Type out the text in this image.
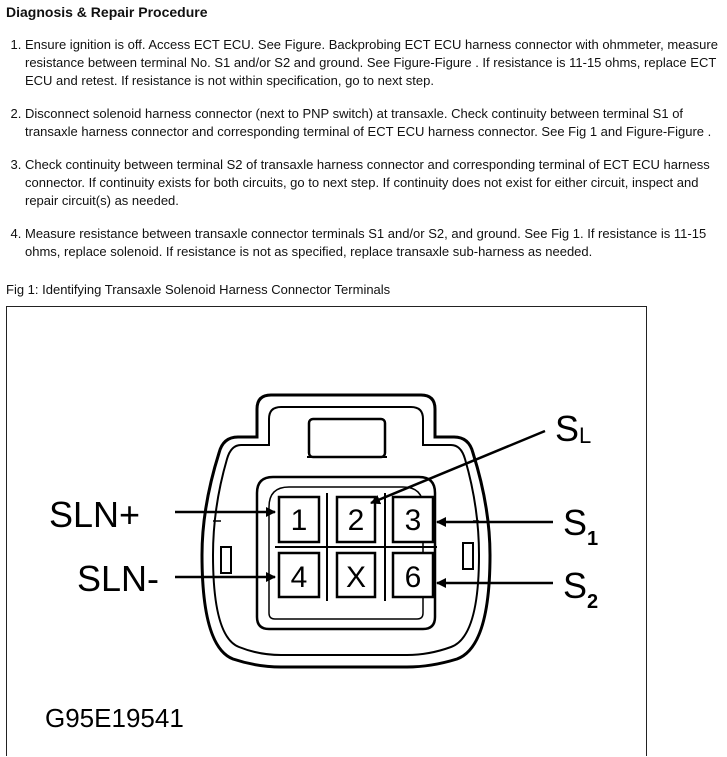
Diagnosis & Repair Procedure
1. Ensure ignition is off. Access ECT ECU. See Figure. Backprobing ECT ECU harness connector with ohmmeter, measure resistance between terminal No. S1 and/or S2 and ground. See Figure-Figure . If resistance is 11-15 ohms, replace ECT ECU and retest. If resistance is not within specification, go to next step.
2. Disconnect solenoid harness connector (next to PNP switch) at transaxle. Check continuity between terminal S1 of transaxle harness connector and corresponding terminal of ECT ECU harness connector. See Fig 1 and Figure-Figure .
3. Check continuity between terminal S2 of transaxle harness connector and corresponding terminal of ECT ECU harness connector. If continuity exists for both circuits, go to next step. If continuity does not exist for either circuit, inspect and repair circuit(s) as needed.
4. Measure resistance between transaxle connector terminals S1 and/or S2, and ground. See Fig 1. If resistance is 11-15 ohms, replace solenoid. If resistance is not as specified, replace transaxle sub-harness as needed.
Fig 1: Identifying Transaxle Solenoid Harness Connector Terminals
1 2 3
4 X 6
SLN+
SLN-
S L
S 1
S 2
G95E19541
